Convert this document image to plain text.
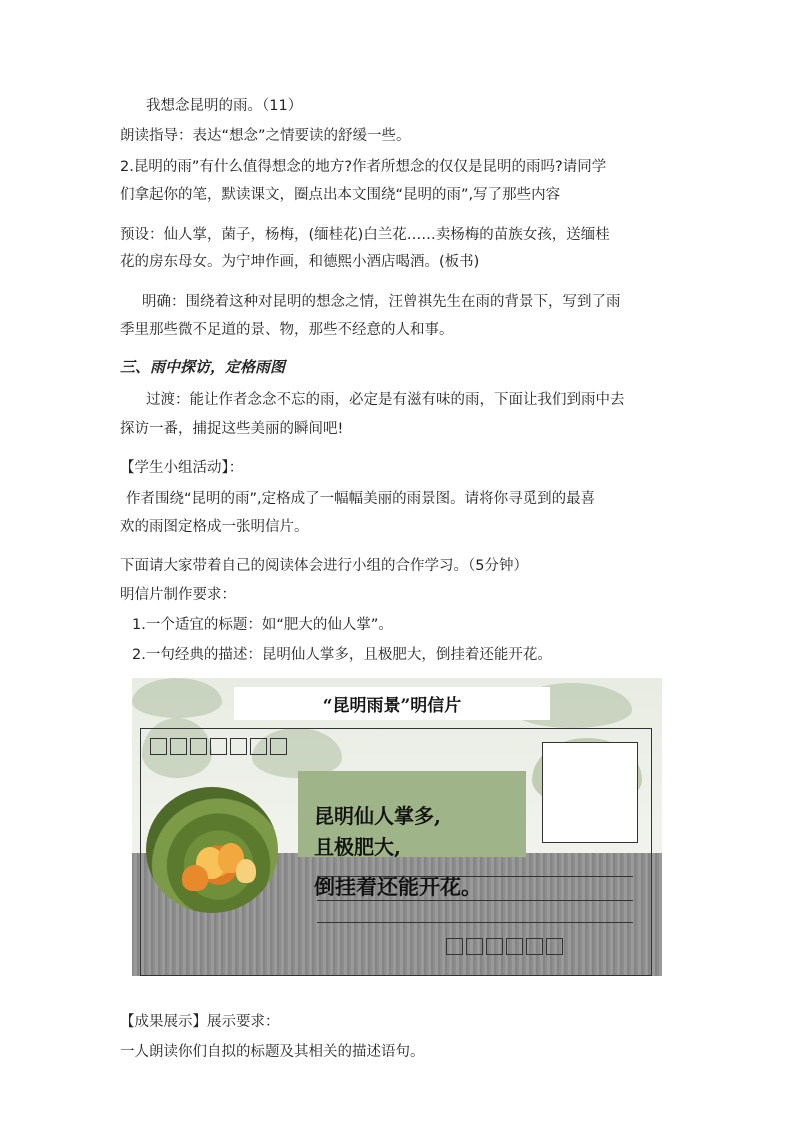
我想念昆明的雨。（11）
朗读指导：表达“想念”之情要读的舒缓一些。
2.昆明的雨”有什么值得想念的地方?作者所想念的仅仅是昆明的雨吗?请同学
们拿起你的笔，默读课文，圈点出本文围绕“昆明的雨”,写了那些内容
预设：仙人掌，菌子，杨梅，(缅桂花)白兰花……卖杨梅的苗族女孩，送缅桂
花的房东母女。为宁坤作画，和德熙小酒店喝酒。(板书)
明确：围绕着这种对昆明的想念之情，汪曾祺先生在雨的背景下，写到了雨
季里那些微不足道的景、物，那些不经意的人和事。
三、雨中探访，定格雨图
过渡：能让作者念念不忘的雨，必定是有滋有味的雨，下面让我们到雨中去
探访一番，捕捉这些美丽的瞬间吧!
【学生小组活动】：
作者围绕“昆明的雨”,定格成了一幅幅美丽的雨景图。请将你寻觅到的最喜
欢的雨图定格成一张明信片。
下面请大家带着自己的阅读体会进行小组的合作学习。（5分钟）
明信片制作要求：
1.一个适宜的标题：如“肥大的仙人掌”。
2.一句经典的描述：昆明仙人掌多，且极肥大，倒挂着还能开花。
“昆明雨景”明信片
昆明仙人掌多,
且极肥大,
倒挂着还能开花。
【成果展示】展示要求：
一人朗读你们自拟的标题及其相关的描述语句。
